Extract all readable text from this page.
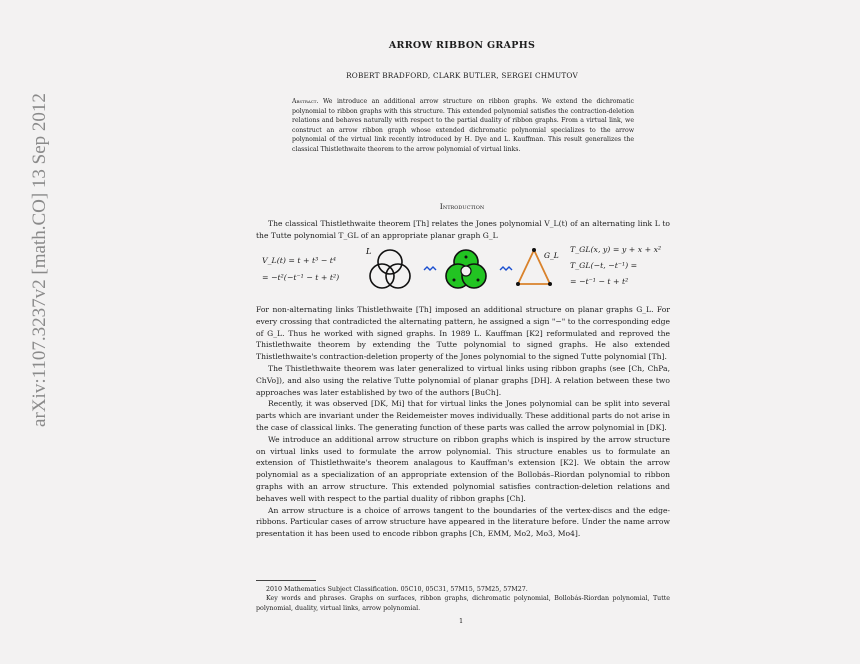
arXiv:1107.3237v2 [math.CO] 13 Sep 2012
ARROW RIBBON GRAPHS
ROBERT BRADFORD, CLARK BUTLER, SERGEI CHMUTOV
Abstract. We introduce an additional arrow structure on ribbon graphs. We extend the dichromatic polynomial to ribbon graphs with this structure. This extended polynomial satisfies the contraction-deletion relations and behaves naturally with respect to the partial duality of ribbon graphs. From a virtual link, we construct an arrow ribbon graph whose extended dichromatic polynomial specializes to the arrow polynomial of the virtual link recently introduced by H. Dye and L. Kauffman. This result generalizes the classical Thistlethwaite theorem to the arrow polynomial of virtual links.
Introduction
The classical Thistlethwaite theorem [Th] relates the Jones polynomial V_L(t) of an alternating link L to the Tutte polynomial T_GL of an appropriate planar graph G_L
V_L(t) = t + t³ − t⁴
= −t²(−t⁻¹ − t + t²)
L	G_L
T_GL(x, y) = y + x + x²
T_GL(−t, −t⁻¹) =
= −t⁻¹ − t + t²
For non-alternating links Thistlethwaite [Th] imposed an additional structure on planar graphs G_L. For every crossing that contradicted the alternating pattern, he assigned a sign "−" to the corresponding edge of G_L. Thus he worked with signed graphs. In 1989 L. Kauffman [K2] reformulated and reproved the Thistlethwaite theorem by extending the Tutte polynomial to signed graphs. He also extended Thistlethwaite's contraction-deletion property of the Jones polynomial to the signed Tutte polynomial [Th].
The Thistlethwaite theorem was later generalized to virtual links using ribbon graphs (see [Ch, ChPa, ChVo]), and also using the relative Tutte polynomial of planar graphs [DH]. A relation between these two approaches was later established by two of the authors [BuCh].
Recently, it was observed [DK, Mi] that for virtual links the Jones polynomial can be split into several parts which are invariant under the Reidemeister moves individually. These additional parts do not arise in the case of classical links. The generating function of these parts was called the arrow polynomial in [DK].
We introduce an additional arrow structure on ribbon graphs which is inspired by the arrow structure on virtual links used to formulate the arrow polynomial. This structure enables us to formulate an extension of Thistlethwaite's theorem analagous to Kauffman's extension [K2]. We obtain the arrow polynomial as a specialization of an appropriate extension of the Bollobás–Riordan polynomial to ribbon graphs with an arrow structure. This extended polynomial satisfies contraction-deletion relations and behaves well with respect to the partial duality of ribbon graphs [Ch].
An arrow structure is a choice of arrows tangent to the boundaries of the vertex-discs and the edge-ribbons. Particular cases of arrow structure have appeared in the literature before. Under the name arrow presentation it has been used to encode ribbon graphs [Ch, EMM, Mo2, Mo3, Mo4].
2010 Mathematics Subject Classification. 05C10, 05C31, 57M15, 57M25, 57M27.
Key words and phrases. Graphs on surfaces, ribbon graphs, dichromatic polynomial, Bollobás-Riordan polynomial, Tutte polynomial, duality, virtual links, arrow polynomial.
1
